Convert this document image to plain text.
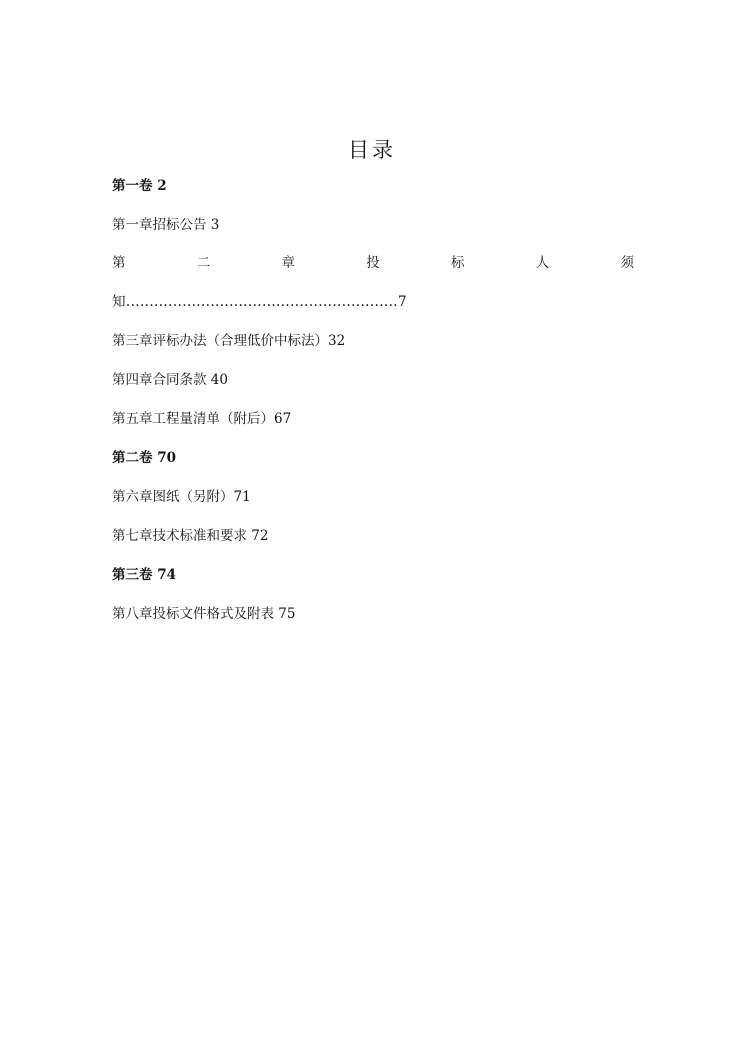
目录
第一卷 2
第一章招标公告 3
第	二	章	投	标	人	须
知..........................................................7
第三章评标办法（合理低价中标法）32
第四章合同条款 40
第五章工程量清单（附后）67
第二卷 70
第六章图纸（另附）71
第七章技术标准和要求 72
第三卷 74
第八章投标文件格式及附表 75
